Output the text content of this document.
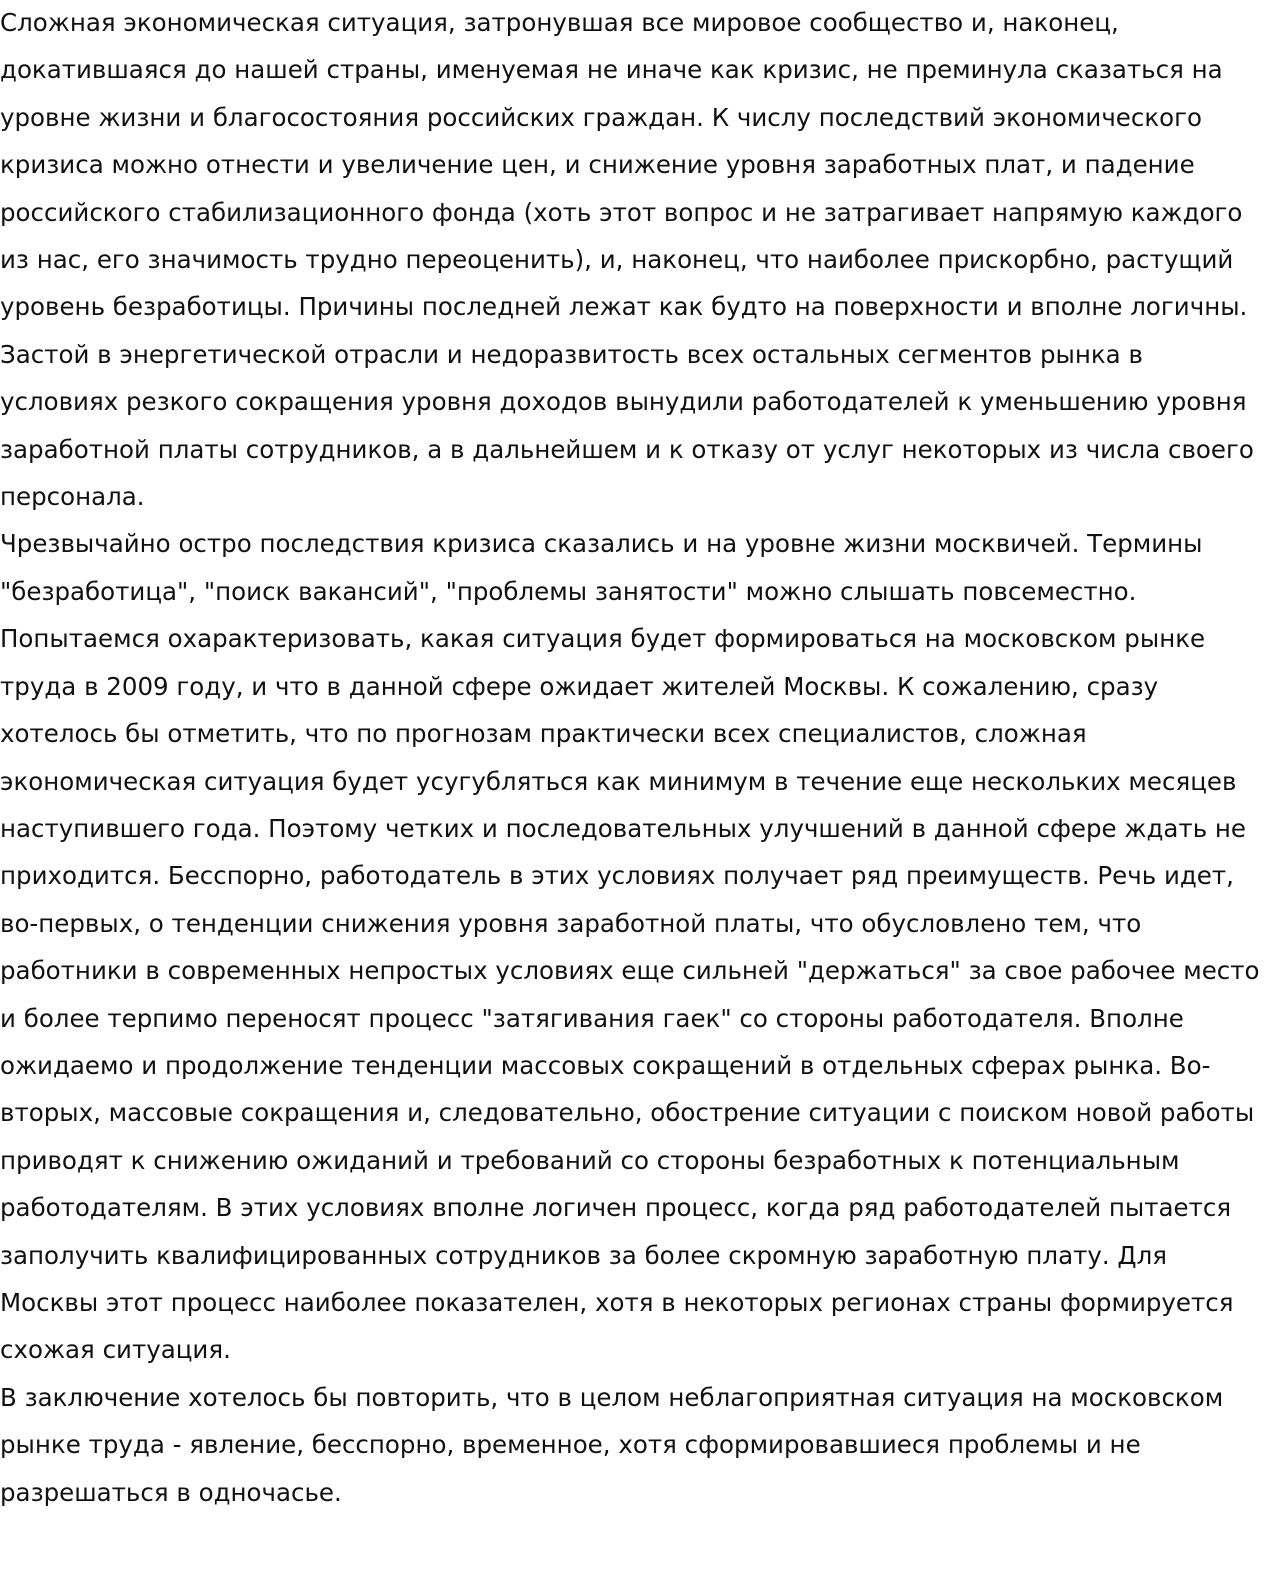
Сложная экономическая ситуация, затронувшая все мировое сообщество и, наконец, докатившаяся до нашей страны, именуемая не иначе как кризис, не преминула сказаться на уровне жизни и благосостояния российских граждан. К числу последствий экономического кризиса можно отнести и увеличение цен, и снижение уровня заработных плат, и падение российского стабилизационного фонда (хоть этот вопрос и не затрагивает напрямую каждого из нас, его значимость трудно переоценить), и, наконец, что наиболее прискорбно, растущий уровень безработицы. Причины последней лежат как будто на поверхности и вполне логичны. Застой в энергетической отрасли и недоразвитость всех остальных сегментов рынка в условиях резкого сокращения уровня доходов вынудили работодателей к уменьшению уровня заработной платы сотрудников, а в дальнейшем и к отказу от услуг некоторых из числа своего персонала.

Чрезвычайно остро последствия кризиса сказались и на уровне жизни москвичей. Термины "безработица", "поиск вакансий", "проблемы занятости" можно слышать повсеместно. Попытаемся охарактеризовать, какая ситуация будет формироваться на московском рынке труда в 2009 году, и что в данной сфере ожидает жителей Москвы. К сожалению, сразу хотелось бы отметить, что по прогнозам практически всех специалистов, сложная экономическая ситуация будет усугубляться как минимум в течение еще нескольких месяцев наступившего года. Поэтому четких и последовательных улучшений в данной сфере ждать не приходится. Бесспорно, работодатель в этих условиях получает ряд преимуществ. Речь идет, во-первых, о тенденции снижения уровня заработной платы, что обусловлено тем, что работники в современных непростых условиях еще сильней "держаться" за свое рабочее место и более терпимо переносят процесс "затягивания гаек" со стороны работодателя. Вполне ожидаемо и продолжение тенденции массовых сокращений в отдельных сферах рынка. Во-вторых, массовые сокращения и, следовательно, обострение ситуации с поиском новой работы приводят к снижению ожиданий и требований со стороны безработных к потенциальным работодателям. В этих условиях вполне логичен процесс, когда ряд работодателей пытается заполучить квалифицированных сотрудников за более скромную заработную плату. Для Москвы этот процесс наиболее показателен, хотя в некоторых регионах страны формируется схожая ситуация.

В заключение хотелось бы повторить, что в целом неблагоприятная ситуация на московском рынке труда - явление, бесспорно, временное, хотя сформировавшиеся проблемы и не разрешаться в одночасье.
